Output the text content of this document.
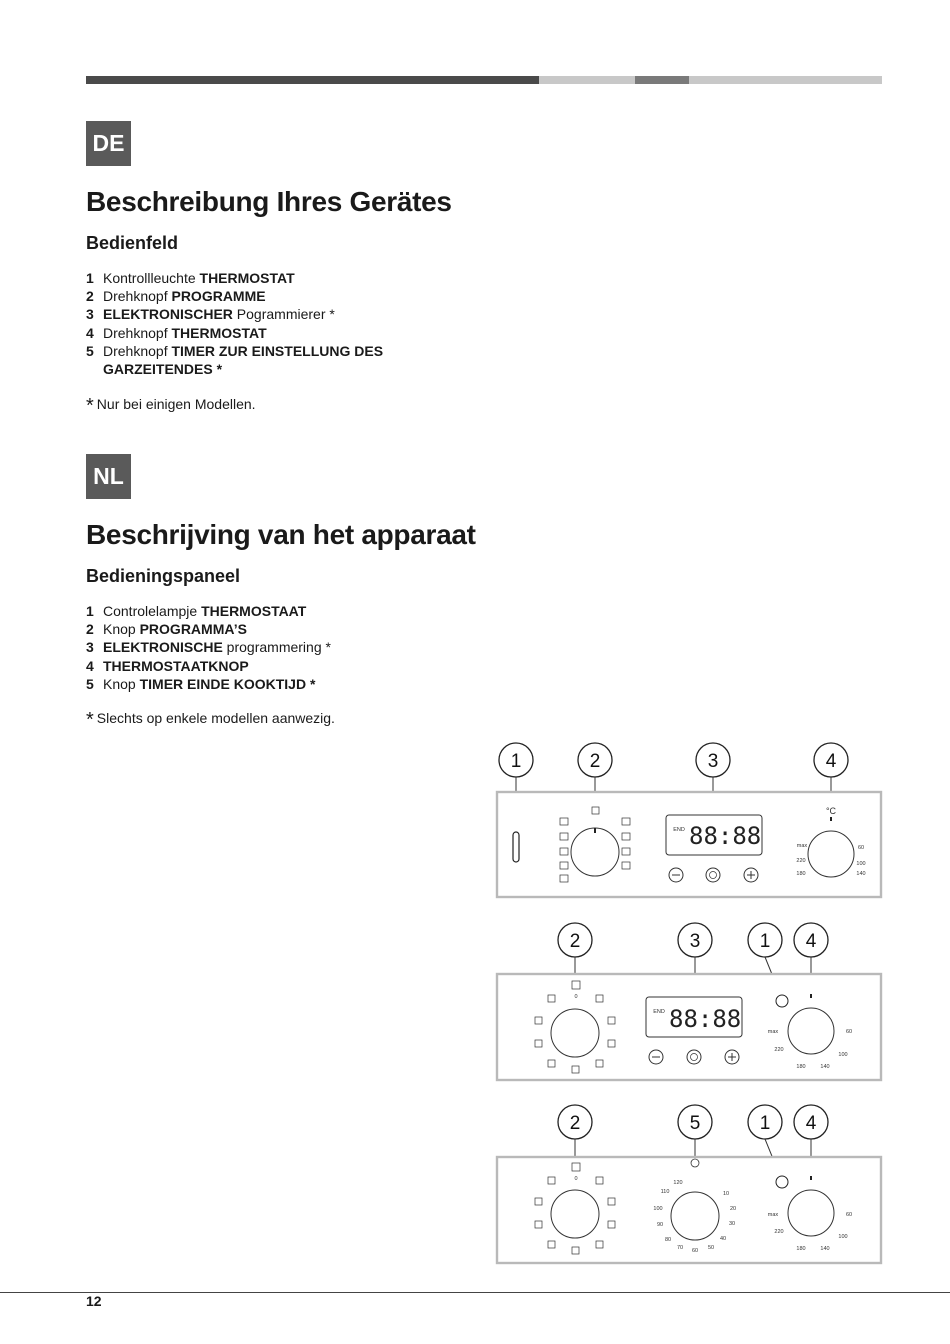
DE
Beschreibung Ihres Gerätes
Bedienfeld
1 Kontrollleuchte THERMOSTAT
2 Drehknopf PROGRAMME
3 ELEKTRONISCHER Pogrammierer *
4 Drehknopf THERMOSTAT
5 Drehknopf TIMER ZUR EINSTELLUNG DES GARZEITENDES *
* Nur bei einigen Modellen.
NL
Beschrijving van het apparaat
Bedieningspaneel
1 Controlelampje THERMOSTAAT
2 Knop PROGRAMMA’S
3 ELEKTRONISCHE programmering *
4 THERMOSTAATKNOP
5 Knop TIMER EINDE KOOKTIJD *
* Slechts op enkele modellen aanwezig.
1	2	3	4
END 88:88
°C
60
100
140
180
220
max
2	3	1 4
0
END 88:88	max	60
100
140
180
220
2	5	1 4
0
120
10
110
20
100
30
90
40
80
50
70 60
max	60
100
140
180
220
12
